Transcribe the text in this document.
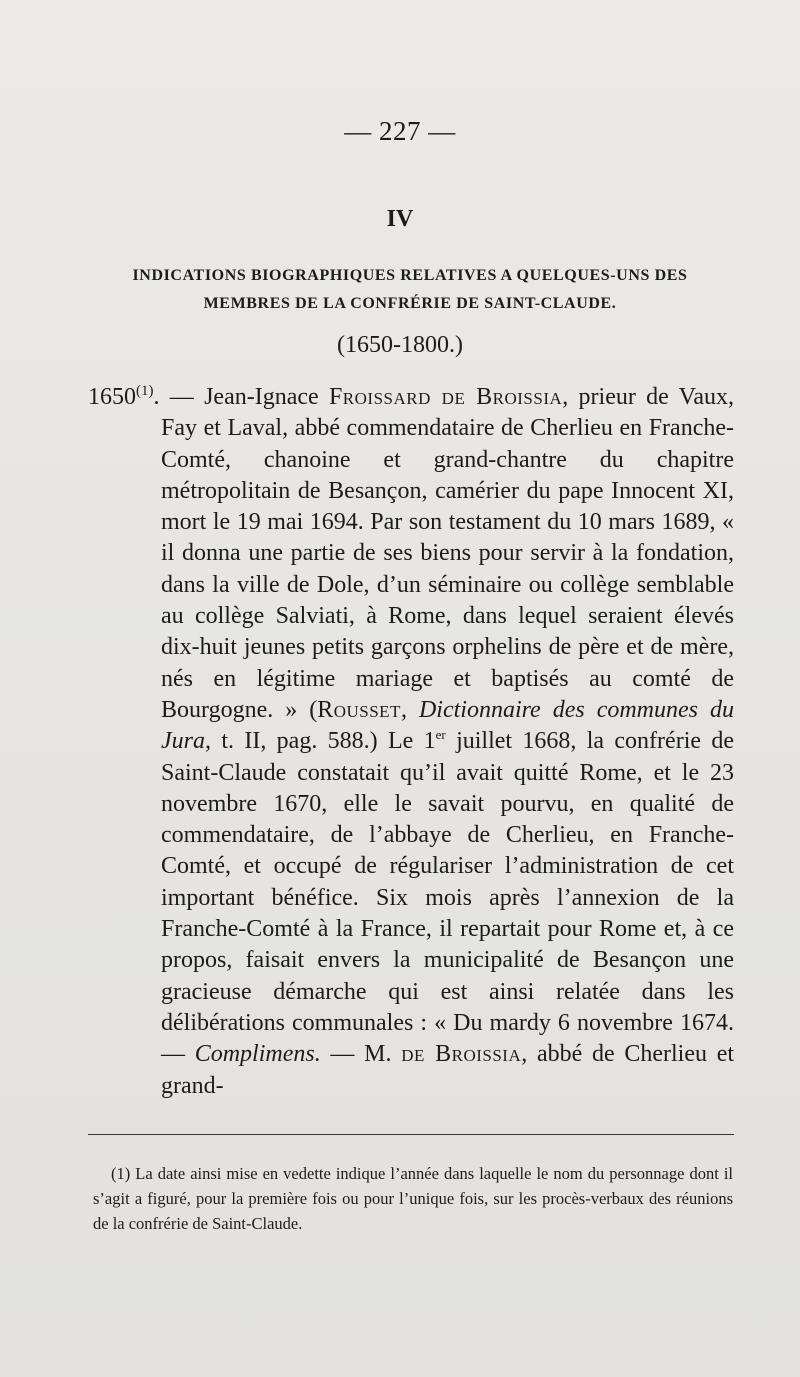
— 227 —
IV
INDICATIONS BIOGRAPHIQUES RELATIVES A QUELQUES-UNS DES
MEMBRES DE LA CONFRÉRIE DE SAINT-CLAUDE.
(1650-1800.)

1650$^{(1)}$. — Jean-Ignace Froissard de Broissia, prieur de Vaux, Fay et Laval, abbé commendataire de Cherlieu en Franche-Comté, chanoine et grand-chantre du chapitre métropolitain de Besançon, camérier du pape Innocent XI, mort le 19 mai 1694. Par son testament du 10 mars 1689, « il donna une partie de ses biens pour servir à la fondation, dans la ville de Dole, d’un séminaire ou collège semblable au collège Salviati, à Rome, dans lequel seraient élevés dix-huit jeunes petits garçons orphelins de père et de mère, nés en légitime mariage et baptisés au comté de Bourgogne. » (Rousset, Dictionnaire des communes du Jura, t. II, pag. 588.) Le 1er juillet 1668, la confrérie de Saint-Claude constatait qu’il avait quitté Rome, et le 23 novembre 1670, elle le savait pourvu, en qualité de commendataire, de l’abbaye de Cherlieu, en Franche-Comté, et occupé de régulariser l’administration de cet important bénéfice. Six mois après l’annexion de la Franche-Comté à la France, il repartait pour Rome et, à ce propos, faisait envers la municipalité de Besançon une gracieuse démarche qui est ainsi relatée dans les délibérations communales : « Du mardy 6 novembre 1674. — Complimens. — M. de Broissia, abbé de Cherlieu et grand-

(1) La date ainsi mise en vedette indique l’année dans laquelle le nom du personnage dont il s’agit a figuré, pour la première fois ou pour l’unique fois, sur les procès-verbaux des réunions de la confrérie de Saint-Claude.
